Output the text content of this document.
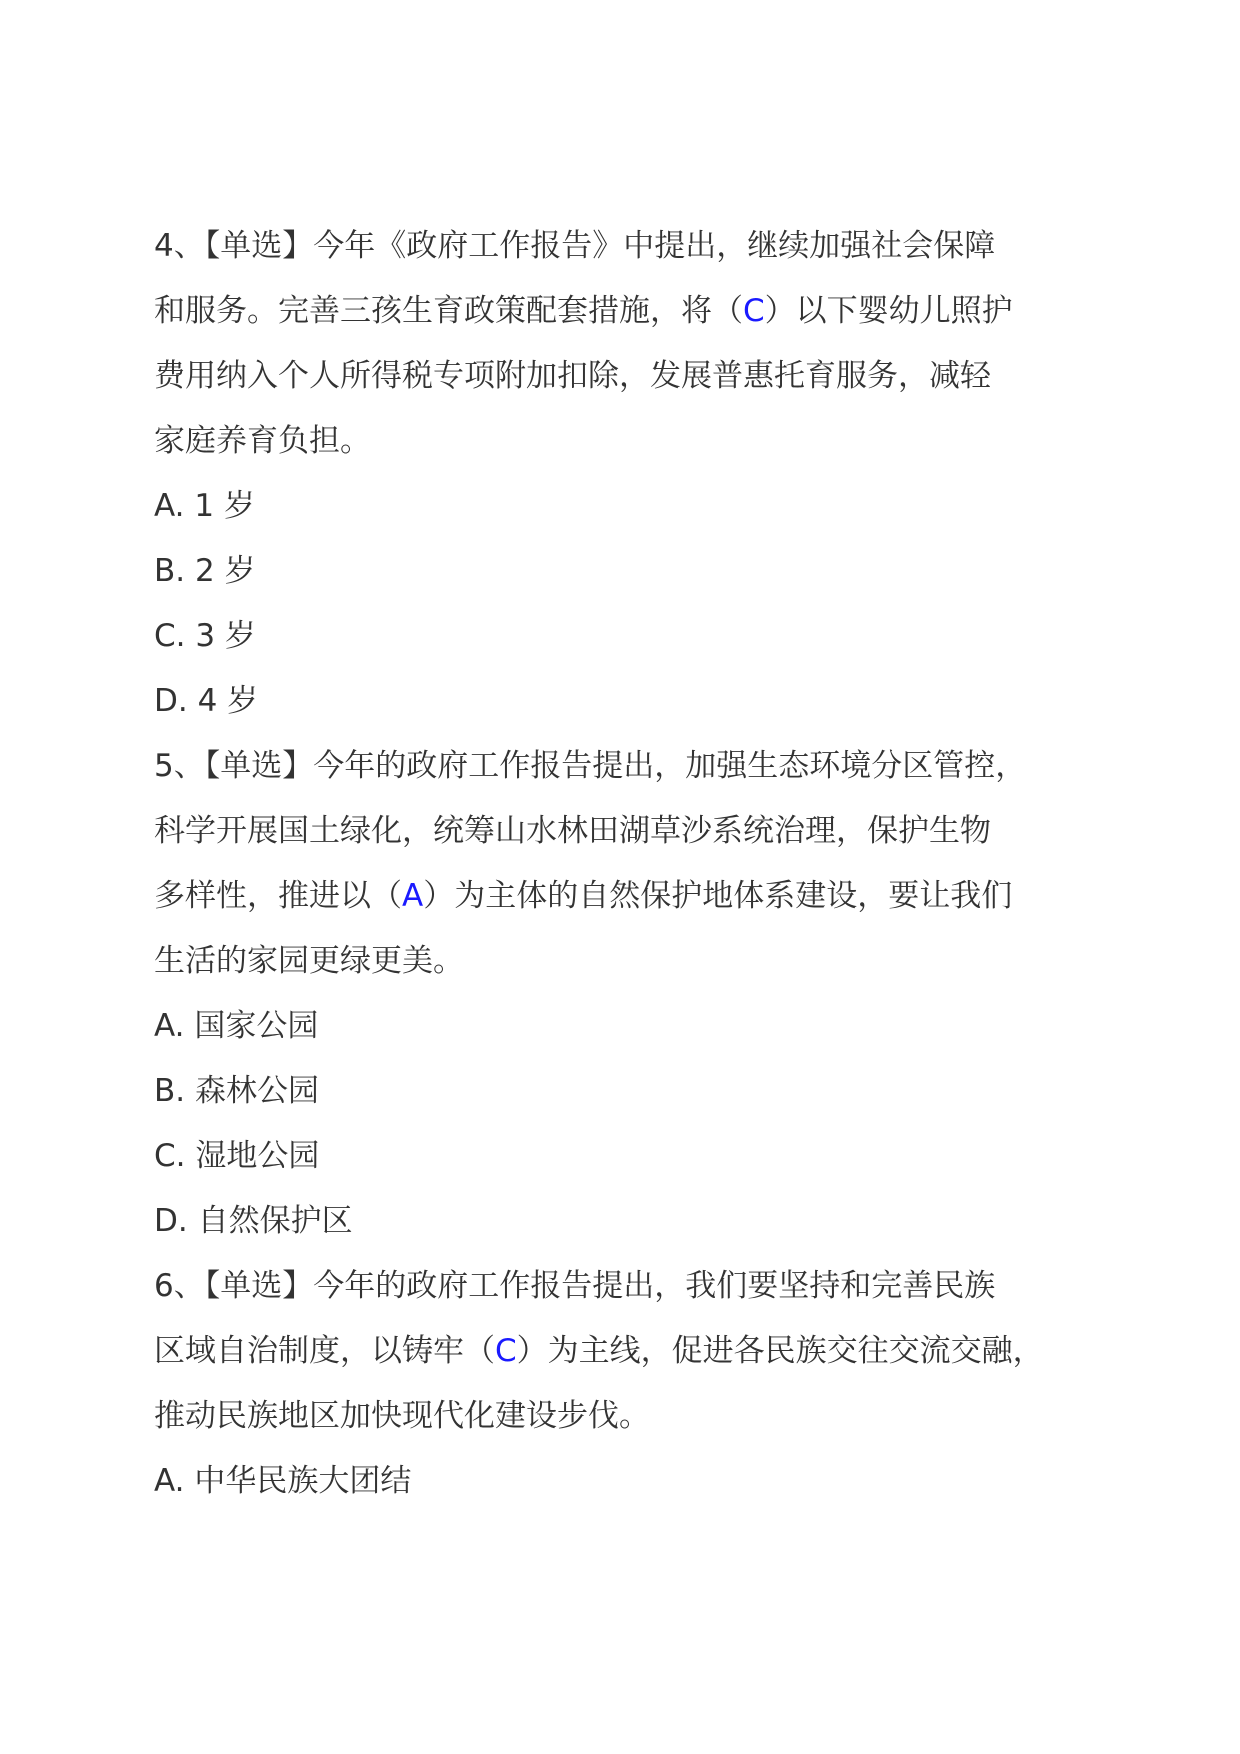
4、【单选】今年《政府工作报告》中提出，继续加强社会保障
和服务。完善三孩生育政策配套措施，将（C）以下婴幼儿照护
费用纳入个人所得税专项附加扣除，发展普惠托育服务，减轻
家庭养育负担。
A. 1 岁
B. 2 岁
C. 3 岁
D. 4 岁
5、【单选】今年的政府工作报告提出，加强生态环境分区管控，
科学开展国土绿化，统筹山水林田湖草沙系统治理，保护生物
多样性，推进以（A）为主体的自然保护地体系建设，要让我们
生活的家园更绿更美。
A. 国家公园
B. 森林公园
C. 湿地公园
D. 自然保护区
6、【单选】今年的政府工作报告提出，我们要坚持和完善民族
区域自治制度，以铸牢（C）为主线，促进各民族交往交流交融，
推动民族地区加快现代化建设步伐。
A. 中华民族大团结
